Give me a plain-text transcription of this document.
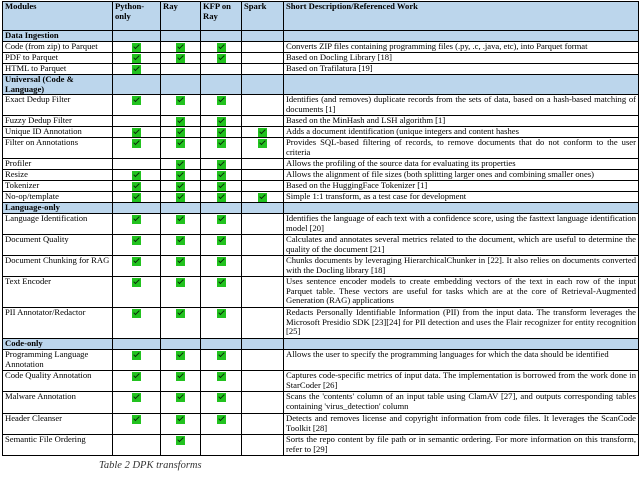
Modules	Python-only	Ray	KFP on Ray	Spark	Short Description/Referenced Work
Data Ingestion					
Code (from zip) to Parquet					Converts ZIP files containing programming files (.py, .c, .java, etc), into Parquet format
PDF to Parquet					Based on Docling Library [18]
HTML to Parquet					Based on Trafilatura [19]
Universal (Code & Language)					
Exact Dedup Filter					Identifies (and removes) duplicate records from the sets of data, based on a hash-based matching of documents [1]
Fuzzy Dedup Filter					Based on the MinHash and LSH algorithm [1]
Unique ID Annotation					Adds a document identification (unique integers and content hashes
Filter on Annotations					Provides SQL-based filtering of records, to remove documents that do not conform to the user criteria
Profiler					Allows the profiling of the source data for evaluating its properties
Resize					Allows the alignment of file sizes (both splitting larger ones and combining smaller ones)
Tokenizer					Based on the HuggingFace Tokenizer [1]
No-op/template					Simple 1:1 transform, as a test case for development
Language-only					
Language Identification					Identifies the language of each text with a confidence score, using the fasttext language identification model [20]
Document Quality					Calculates and annotates several metrics related to the document, which are useful to determine the quality of the document [21]
Document Chunking for RAG					Chunks documents by leveraging HierarchicalChunker in [22]. It also relies on documents converted with the Docling library [18]
Text Encoder					Uses sentence encoder models to create embedding vectors of the text in each row of the input Parquet table. These vectors are useful for tasks which are at the core of Retrieval-Augmented Generation (RAG) applications
PII Annotator/Redactor					Redacts Personally Identifiable Information (PII) from the input data. The transform leverages the Microsoft Presidio SDK [23][24] for PII detection and uses the Flair recognizer for entity recognition [25]
Code-only					
Programming Language Annotation					Allows the user to specify the programming languages for which the data should be identified
Code Quality Annotation					Captures code-specific metrics of input data. The implementation is borrowed from the work done in StarCoder [26]
Malware Annotation					Scans the 'contents' column of an input table using ClamAV [27], and outputs corresponding tables containing 'virus_detection' column
Header Cleanser					Detects and removes license and copyright information from code files. It leverages the ScanCode Toolkit [28]
Semantic File Ordering					Sorts the repo content by file path or in semantic ordering. For more information on this transform, refer to [29]
Table 2 DPK transforms
